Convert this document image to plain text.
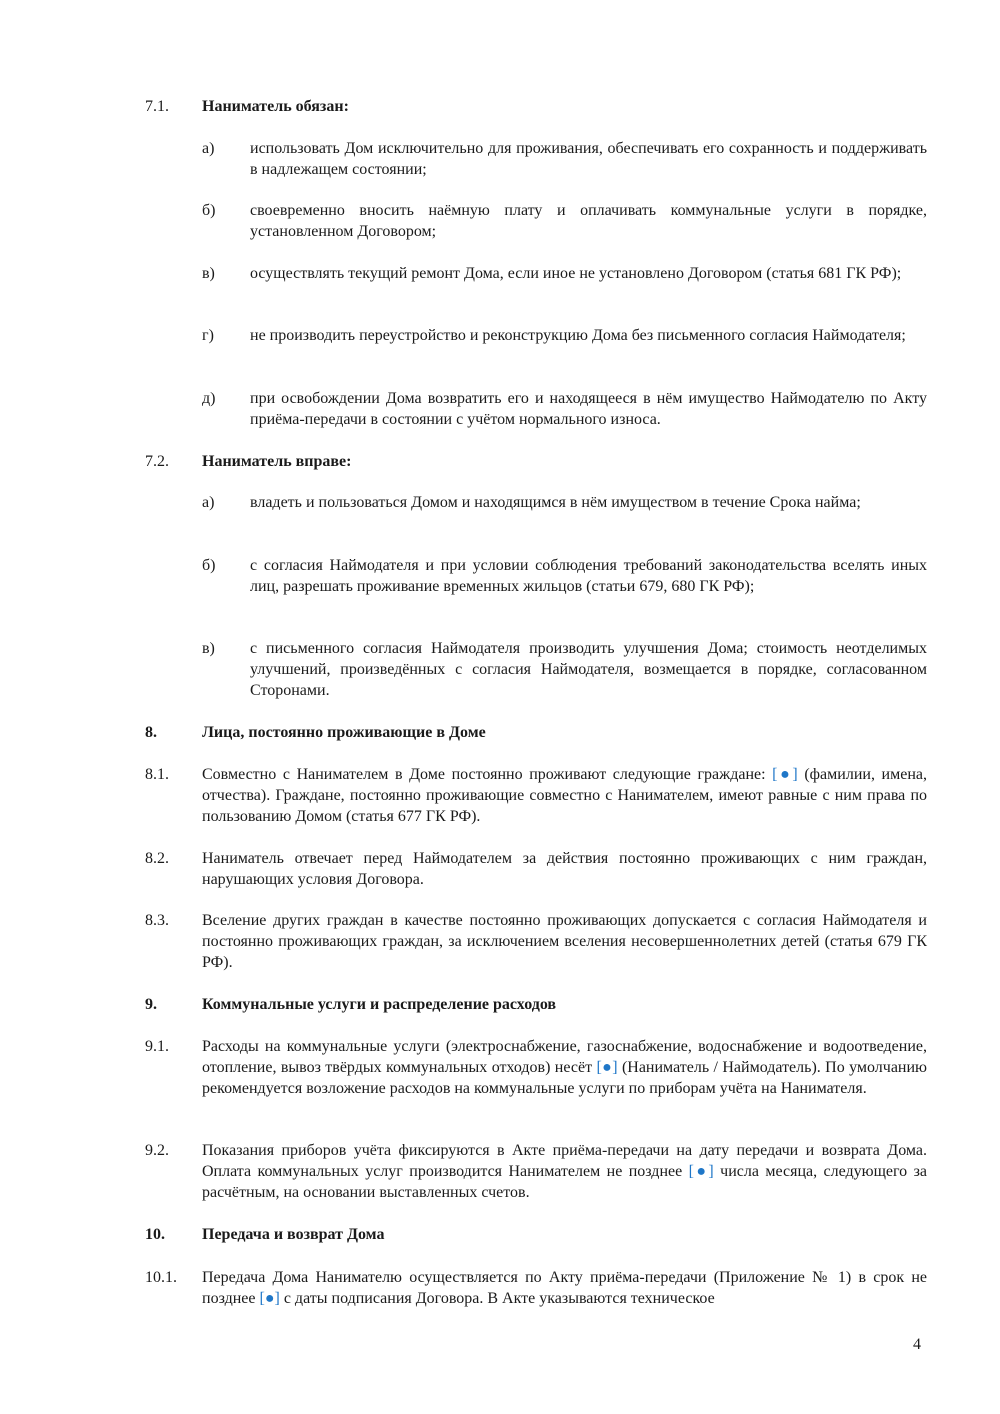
7.1. Наниматель обязан:
а) использовать Дом исключительно для проживания, обеспечивать его сохранность и поддерживать в надлежащем состоянии;
б) своевременно вносить наёмную плату и оплачивать коммунальные услуги в порядке, установленном Договором;
в) осуществлять текущий ремонт Дома, если иное не установлено Договором (статья 681 ГК РФ);
г) не производить переустройство и реконструкцию Дома без письменного согласия Наймодателя;
д) при освобождении Дома возвратить его и находящееся в нём имущество Наймодателю по Акту приёма-передачи в состоянии с учётом нормального износа.
7.2. Наниматель вправе:
а) владеть и пользоваться Домом и находящимся в нём имуществом в течение Срока найма;
б) с согласия Наймодателя и при условии соблюдения требований законодательства вселять иных лиц, разрешать проживание временных жильцов (статьи 679, 680 ГК РФ);
в) с письменного согласия Наймодателя производить улучшения Дома; стоимость неотделимых улучшений, произведённых с согласия Наймодателя, возмещается в порядке, согласованном Сторонами.
8.	Лица, постоянно проживающие в Доме
8.1. Совместно с Нанимателем в Доме постоянно проживают следующие граждане: [●] (фамилии, имена, отчества). Граждане, постоянно проживающие совместно с Нанимателем, имеют равные с ним права по пользованию Домом (статья 677 ГК РФ).
8.2. Наниматель отвечает перед Наймодателем за действия постоянно проживающих с ним граждан, нарушающих условия Договора.
8.3. Вселение других граждан в качестве постоянно проживающих допускается с согласия Наймодателя и постоянно проживающих граждан, за исключением вселения несовершеннолетних детей (статья 679 ГК РФ).
9.	Коммунальные услуги и распределение расходов
9.1. Расходы на коммунальные услуги (электроснабжение, газоснабжение, водоснабжение и водоотведение, отопление, вывоз твёрдых коммунальных отходов) несёт [●] (Наниматель / Наймодатель). По умолчанию рекомендуется возложение расходов на коммунальные услуги по приборам учёта на Нанимателя.
9.2. Показания приборов учёта фиксируются в Акте приёма-передачи на дату передачи и возврата Дома. Оплата коммунальных услуг производится Нанимателем не позднее [●] числа месяца, следующего за расчётным, на основании выставленных счетов.
10. Передача и возврат Дома
10.1. Передача Дома Нанимателю осуществляется по Акту приёма-передачи (Приложение № 1) в срок не позднее [●] с даты подписания Договора. В Акте указываются техническое
4
